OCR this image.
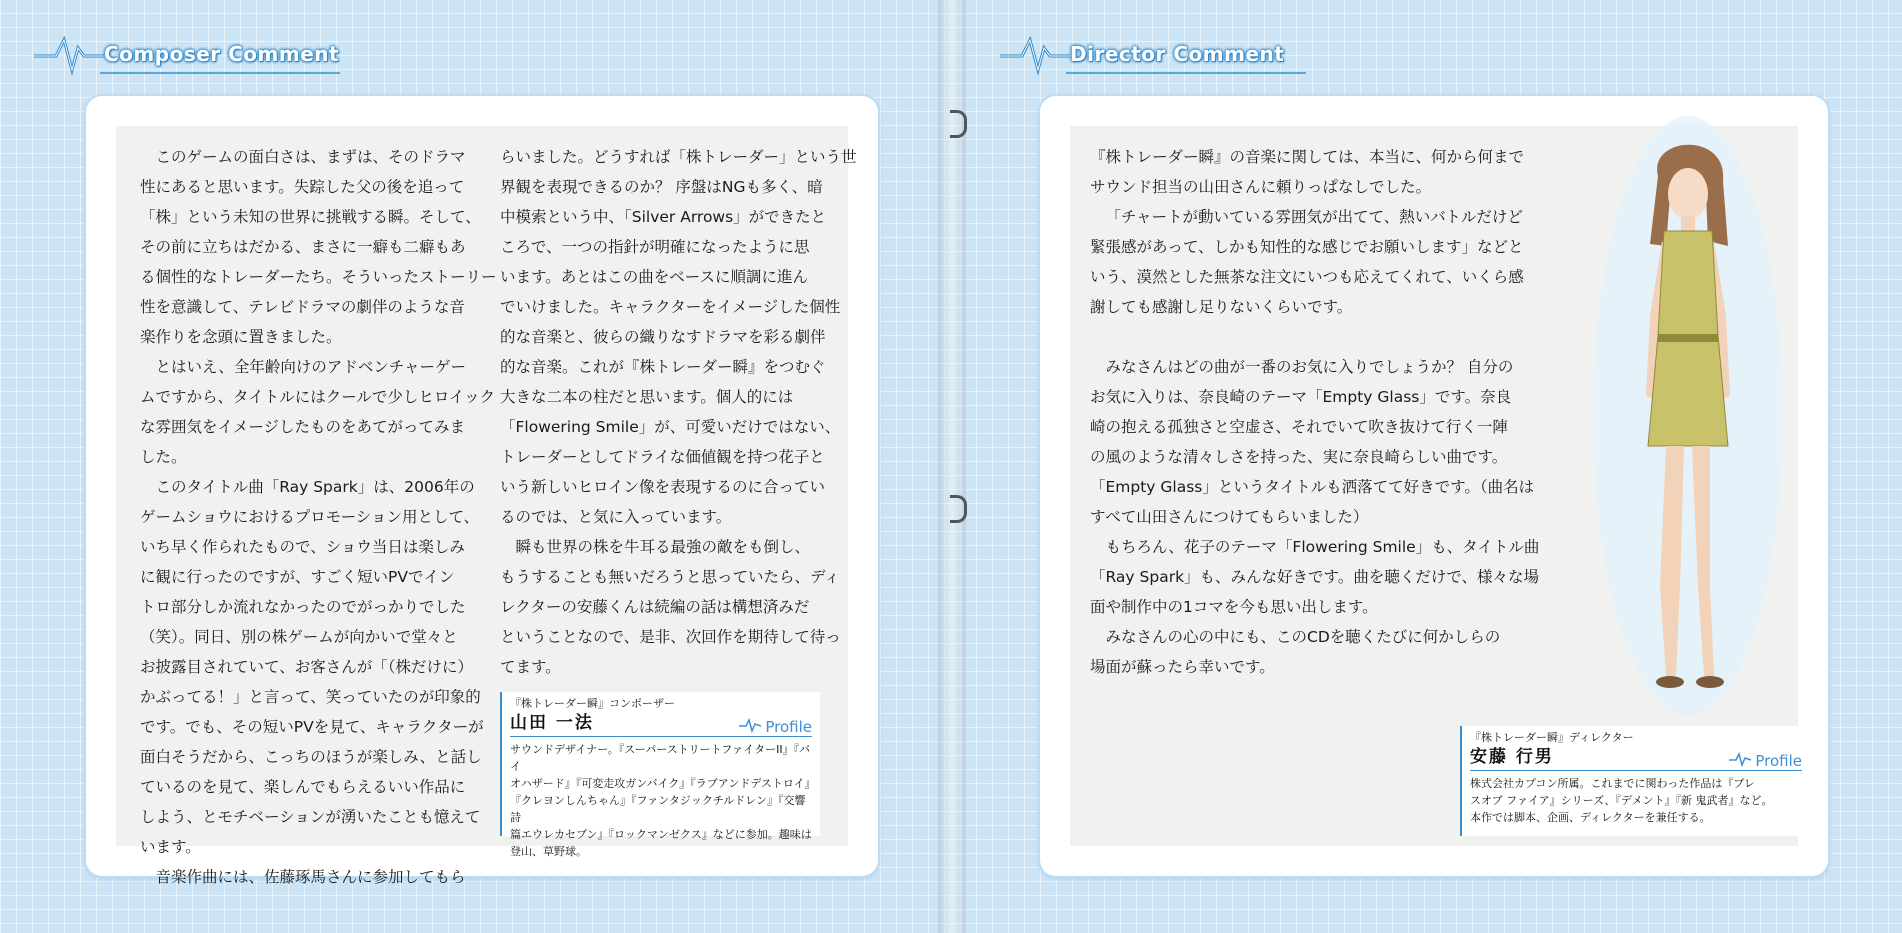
Composer Comment	Director Comment

このゲームの面白さは、まずは、そのドラマ

性にあると思います。失踪した父の後を追って

「株」という未知の世界に挑戦する瞬。そして、

その前に立ちはだかる、まさに一癖も二癖もあ

る個性的なトレーダーたち。そういったストーリー

性を意識して、テレビドラマの劇伴のような音

楽作りを念頭に置きました。

とはいえ、全年齢向けのアドベンチャーゲー

ムですから、タイトルにはクールで少しヒロイック

な雰囲気をイメージしたものをあてがってみま

した。

このタイトル曲「Ray Spark」は、2006年の

ゲームショウにおけるプロモーション用として、

いち早く作られたもので、ショウ当日は楽しみ

に観に行ったのですが、すごく短いPVでイン

トロ部分しか流れなかったのでがっかりでした

（笑）。同日、別の株ゲームが向かいで堂々と

お披露目されていて、お客さんが「（株だけに）

かぶってる！」と言って、笑っていたのが印象的

です。でも、その短いPVを見て、キャラクターが

面白そうだから、こっちのほうが楽しみ、と話し

ているのを見て、楽しんでもらえるいい作品に

しよう、とモチベーションが湧いたことも憶えて

います。

音楽作曲には、佐藤琢馬さんに参加してもら

らいました。どうすれば「株トレーダー」という世

界観を表現できるのか？ 序盤はNGも多く、暗

中模索という中、「Silver Arrows」ができたと

ころで、一つの指針が明確になったように思

います。あとはこの曲をベースに順調に進ん

でいけました。キャラクターをイメージした個性

的な音楽と、彼らの織りなすドラマを彩る劇伴

的な音楽。これが『株トレーダー瞬』をつむぐ

大きな二本の柱だと思います。個人的には

「Flowering Smile」が、可愛いだけではない、

トレーダーとしてドライな価値観を持つ花子と

いう新しいヒロイン像を表現するのに合ってい

るのでは、と気に入っています。

瞬も世界の株を牛耳る最強の敵をも倒し、

もうすることも無いだろうと思っていたら、ディ

レクターの安藤くんは続編の話は構想済みだ

ということなので、是非、次回作を期待して待っ

てます。

『株トレーダー瞬』コンポーザー
山田 一法	Profile
サウンドデザイナー。『スーパーストリートファイターII』『バイ
オハザード』『可変走攻ガンバイク』『ラブアンドデストロイ』
『クレヨンしんちゃん』『ファンタジックチルドレン』『交響詩
篇エウレカセブン』『ロックマンゼクス』などに参加。趣味は
登山、草野球。

『株トレーダー瞬』の音楽に関しては、本当に、何から何まで

サウンド担当の山田さんに頼りっぱなしでした。

「チャートが動いている雰囲気が出てて、熱いバトルだけど

緊張感があって、しかも知性的な感じでお願いします」などと

いう、漠然とした無茶な注文にいつも応えてくれて、いくら感

謝しても感謝し足りないくらいです。

みなさんはどの曲が一番のお気に入りでしょうか？ 自分の

お気に入りは、奈良崎のテーマ「Empty Glass」です。奈良

崎の抱える孤独さと空虚さ、それでいて吹き抜けて行く一陣

の風のような清々しさを持った、実に奈良崎らしい曲です。

「Empty Glass」というタイトルも洒落てて好きです。（曲名は

すべて山田さんにつけてもらいました）

もちろん、花子のテーマ「Flowering Smile」も、タイトル曲

「Ray Spark」も、みんな好きです。曲を聴くだけで、様々な場

面や制作中の1コマを今も思い出します。

みなさんの心の中にも、このCDを聴くたびに何かしらの

場面が蘇ったら幸いです。

『株トレーダー瞬』ディレクター
安藤 行男	Profile
株式会社カプコン所属。これまでに関わった作品は『ブレ
スオブ ファイア』シリーズ、『デメント』『新 鬼武者』など。
本作では脚本、企画、ディレクターを兼任する。
